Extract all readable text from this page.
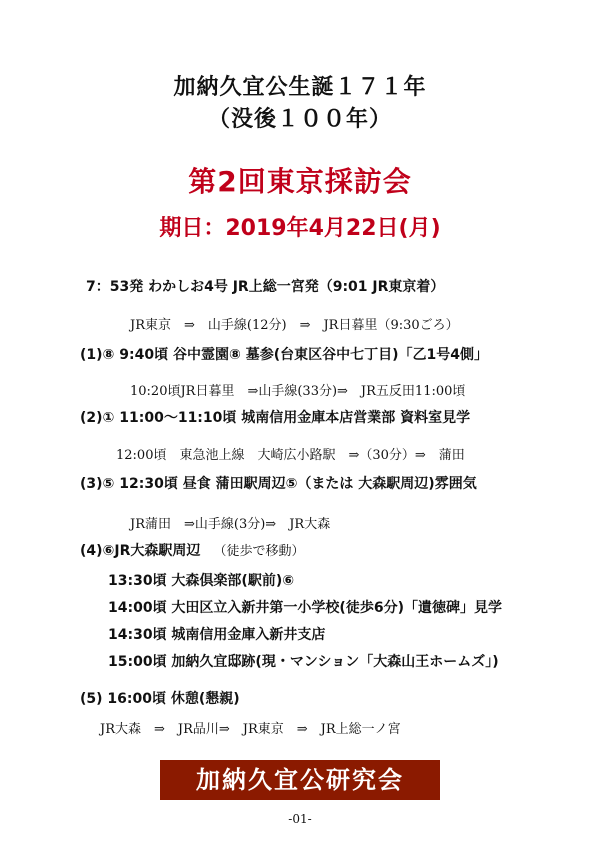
加納久宜公生誕１７１年
（没後１００年）
第2回東京採訪会
期日：2019年4月22日(月)
7：53発 わかしお4号 JR上総一宮発（9:01 JR東京着）
JR東京　⇒　山手線(12分)　⇒　JR日暮里（9:30ごろ）
(1)⑧ 9:40頃 谷中霊園⑧ 墓参(台東区谷中七丁目)「乙1号4側」
10:20頃JR日暮里　⇒山手線(33分)⇒　JR五反田11:00頃
(2)① 11:00～11:10頃 城南信用金庫本店営業部 資料室見学
12:00頃　東急池上線　大崎広小路駅　⇒（30分）⇒　蒲田
(3)⑤ 12:30頃 昼食 蒲田駅周辺⑤（または 大森駅周辺)雰囲気
JR蒲田　⇒山手線(3分)⇒　JR大森
(4)⑥JR大森駅周辺 （徒歩で移動）
13:30頃 大森倶楽部(駅前)⑥
14:00頃 大田区立入新井第一小学校(徒歩6分)「遺徳碑」見学
14:30頃 城南信用金庫入新井支店
15:00頃 加納久宜邸跡(現・マンション「大森山王ホームズ」)
(5) 16:00頃 休憩(懇親)
JR大森　⇒　JR品川⇒　JR東京　⇒　JR上総一ノ宮
加納久宜公研究会
-01-
